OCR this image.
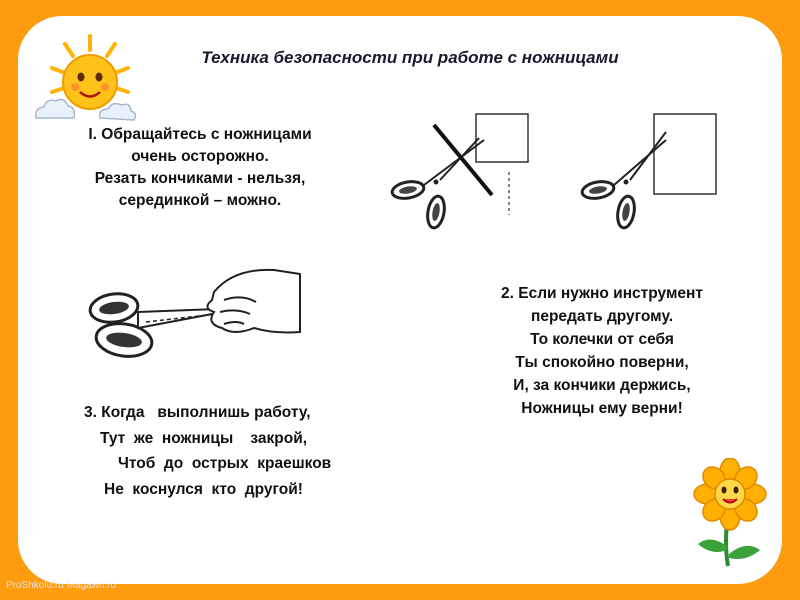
Техника безопасности при работе с ножницами
I. Обращайтесь с ножницами
очень осторожно.
Резать кончиками - нельзя,
серединкой – можно.
2. Если нужно инструмент
передать другому.
То колечки от себя
Ты спокойно поверни,
И, за кончики держись,
Ножницы ему верни!
3. Когда   выполнишь работу,
Тут  же  ножницы    закрой,
Чтоб  до  острых  краешков
Не  коснулся  кто  другой!
ProShkolu.ru Magawn.ru
